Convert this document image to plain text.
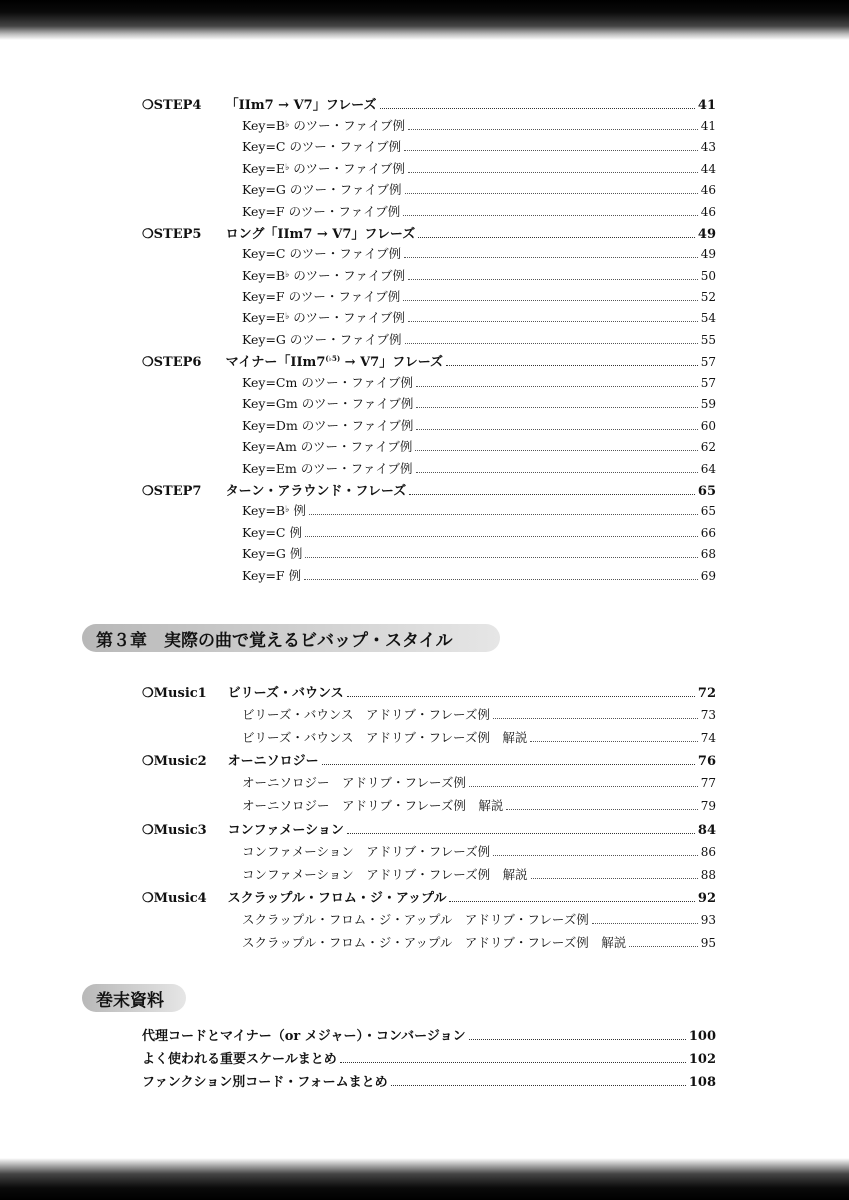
❍STEP4 「IIm7 → V7」フレーズ	41
Key=B♭ のツー・ファイブ例	41
Key=C のツー・ファイブ例	43
Key=E♭ のツー・ファイブ例	44
Key=G のツー・ファイブ例	46
Key=F のツー・ファイブ例	46
❍STEP5 ロング「IIm7 → V7」フレーズ	49
Key=C のツー・ファイブ例	49
Key=B♭ のツー・ファイブ例	50
Key=F のツー・ファイブ例	52
Key=E♭ のツー・ファイブ例	54
Key=G のツー・ファイブ例	55
❍STEP6 マイナー「$IIm7^{(♭5)} \to V7$」フレーズ	57
Key=Cm のツー・ファイブ例	57
Key=Gm のツー・ファイブ例	59
Key=Dm のツー・ファイブ例	60
Key=Am のツー・ファイブ例	62
Key=Em のツー・ファイブ例	64
❍STEP7 ターン・アラウンド・フレーズ	65
Key=B♭ 例	65
Key=C 例	66
Key=G 例	68
Key=F 例	69
第３章　実際の曲で覚えるビバップ・スタイル
❍Music1 ビリーズ・バウンス	72
ビリーズ・バウンス　アドリブ・フレーズ例	73
ビリーズ・バウンス　アドリブ・フレーズ例　解説	74
❍Music2 オーニソロジー	76
オーニソロジー　アドリブ・フレーズ例	77
オーニソロジー　アドリブ・フレーズ例　解説	79
❍Music3 コンファメーション	84
コンファメーション　アドリブ・フレーズ例	86
コンファメーション　アドリブ・フレーズ例　解説	88
❍Music4 スクラップル・フロム・ジ・アップル	92
スクラップル・フロム・ジ・アップル　アドリブ・フレーズ例	93
スクラップル・フロム・ジ・アップル　アドリブ・フレーズ例　解説	95
巻末資料
代理コードとマイナー（or メジャー）・コンバージョン	100
よく使われる重要スケールまとめ	102
ファンクション別コード・フォームまとめ	108
